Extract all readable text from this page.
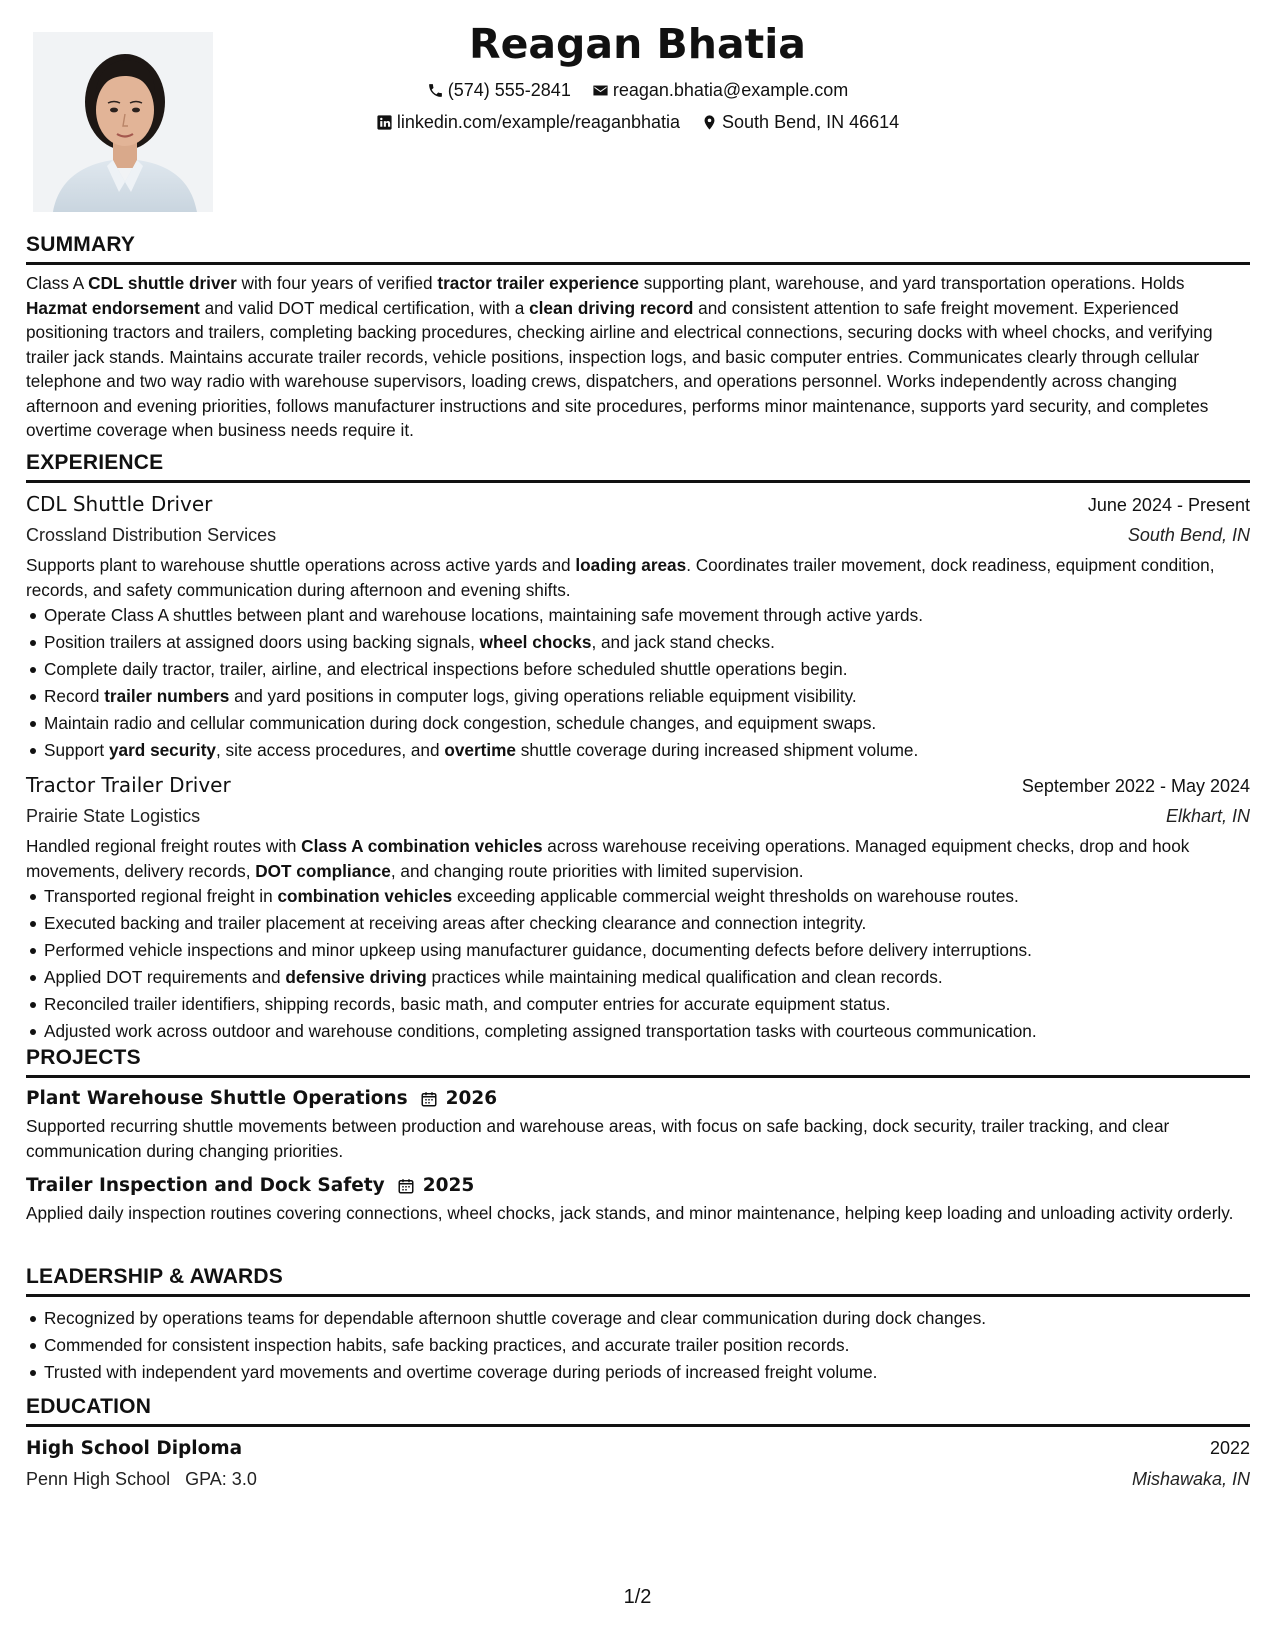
Reagan Bhatia
(574) 555-2841
reagan.bhatia@example.com
linkedin.com/example/reaganbhatia
South Bend, IN 46614
SUMMARY
Class A CDL shuttle driver with four years of verified tractor trailer experience supporting plant, warehouse, and yard transportation operations. Holds Hazmat endorsement and valid DOT medical certification, with a clean driving record and consistent attention to safe freight movement. Experienced positioning tractors and trailers, completing backing procedures, checking airline and electrical connections, securing docks with wheel chocks, and verifying trailer jack stands. Maintains accurate trailer records, vehicle positions, inspection logs, and basic computer entries. Communicates clearly through cellular telephone and two way radio with warehouse supervisors, loading crews, dispatchers, and operations personnel. Works independently across changing afternoon and evening priorities, follows manufacturer instructions and site procedures, performs minor maintenance, supports yard security, and completes overtime coverage when business needs require it.
EXPERIENCE
CDL Shuttle Driver	June 2024 - Present
Crossland Distribution Services	South Bend, IN
Supports plant to warehouse shuttle operations across active yards and loading areas. Coordinates trailer movement, dock readiness, equipment condition, records, and safety communication during afternoon and evening shifts.
Operate Class A shuttles between plant and warehouse locations, maintaining safe movement through active yards.
Position trailers at assigned doors using backing signals, wheel chocks, and jack stand checks.
Complete daily tractor, trailer, airline, and electrical inspections before scheduled shuttle operations begin.
Record trailer numbers and yard positions in computer logs, giving operations reliable equipment visibility.
Maintain radio and cellular communication during dock congestion, schedule changes, and equipment swaps.
Support yard security, site access procedures, and overtime shuttle coverage during increased shipment volume.
Tractor Trailer Driver	September 2022 - May 2024
Prairie State Logistics	Elkhart, IN
Handled regional freight routes with Class A combination vehicles across warehouse receiving operations. Managed equipment checks, drop and hook movements, delivery records, DOT compliance, and changing route priorities with limited supervision.
Transported regional freight in combination vehicles exceeding applicable commercial weight thresholds on warehouse routes.
Executed backing and trailer placement at receiving areas after checking clearance and connection integrity.
Performed vehicle inspections and minor upkeep using manufacturer guidance, documenting defects before delivery interruptions.
Applied DOT requirements and defensive driving practices while maintaining medical qualification and clean records.
Reconciled trailer identifiers, shipping records, basic math, and computer entries for accurate equipment status.
Adjusted work across outdoor and warehouse conditions, completing assigned transportation tasks with courteous communication.
PROJECTS
Plant Warehouse Shuttle Operations 2026
Supported recurring shuttle movements between production and warehouse areas, with focus on safe backing, dock security, trailer tracking, and clear communication during changing priorities.
Trailer Inspection and Dock Safety 2025
Applied daily inspection routines covering connections, wheel chocks, jack stands, and minor maintenance, helping keep loading and unloading activity orderly.
LEADERSHIP & AWARDS
Recognized by operations teams for dependable afternoon shuttle coverage and clear communication during dock changes.
Commended for consistent inspection habits, safe backing practices, and accurate trailer position records.
Trusted with independent yard movements and overtime coverage during periods of increased freight volume.
EDUCATION
High School Diploma	2022
Penn High School GPA: 3.0	Mishawaka, IN
1/2
